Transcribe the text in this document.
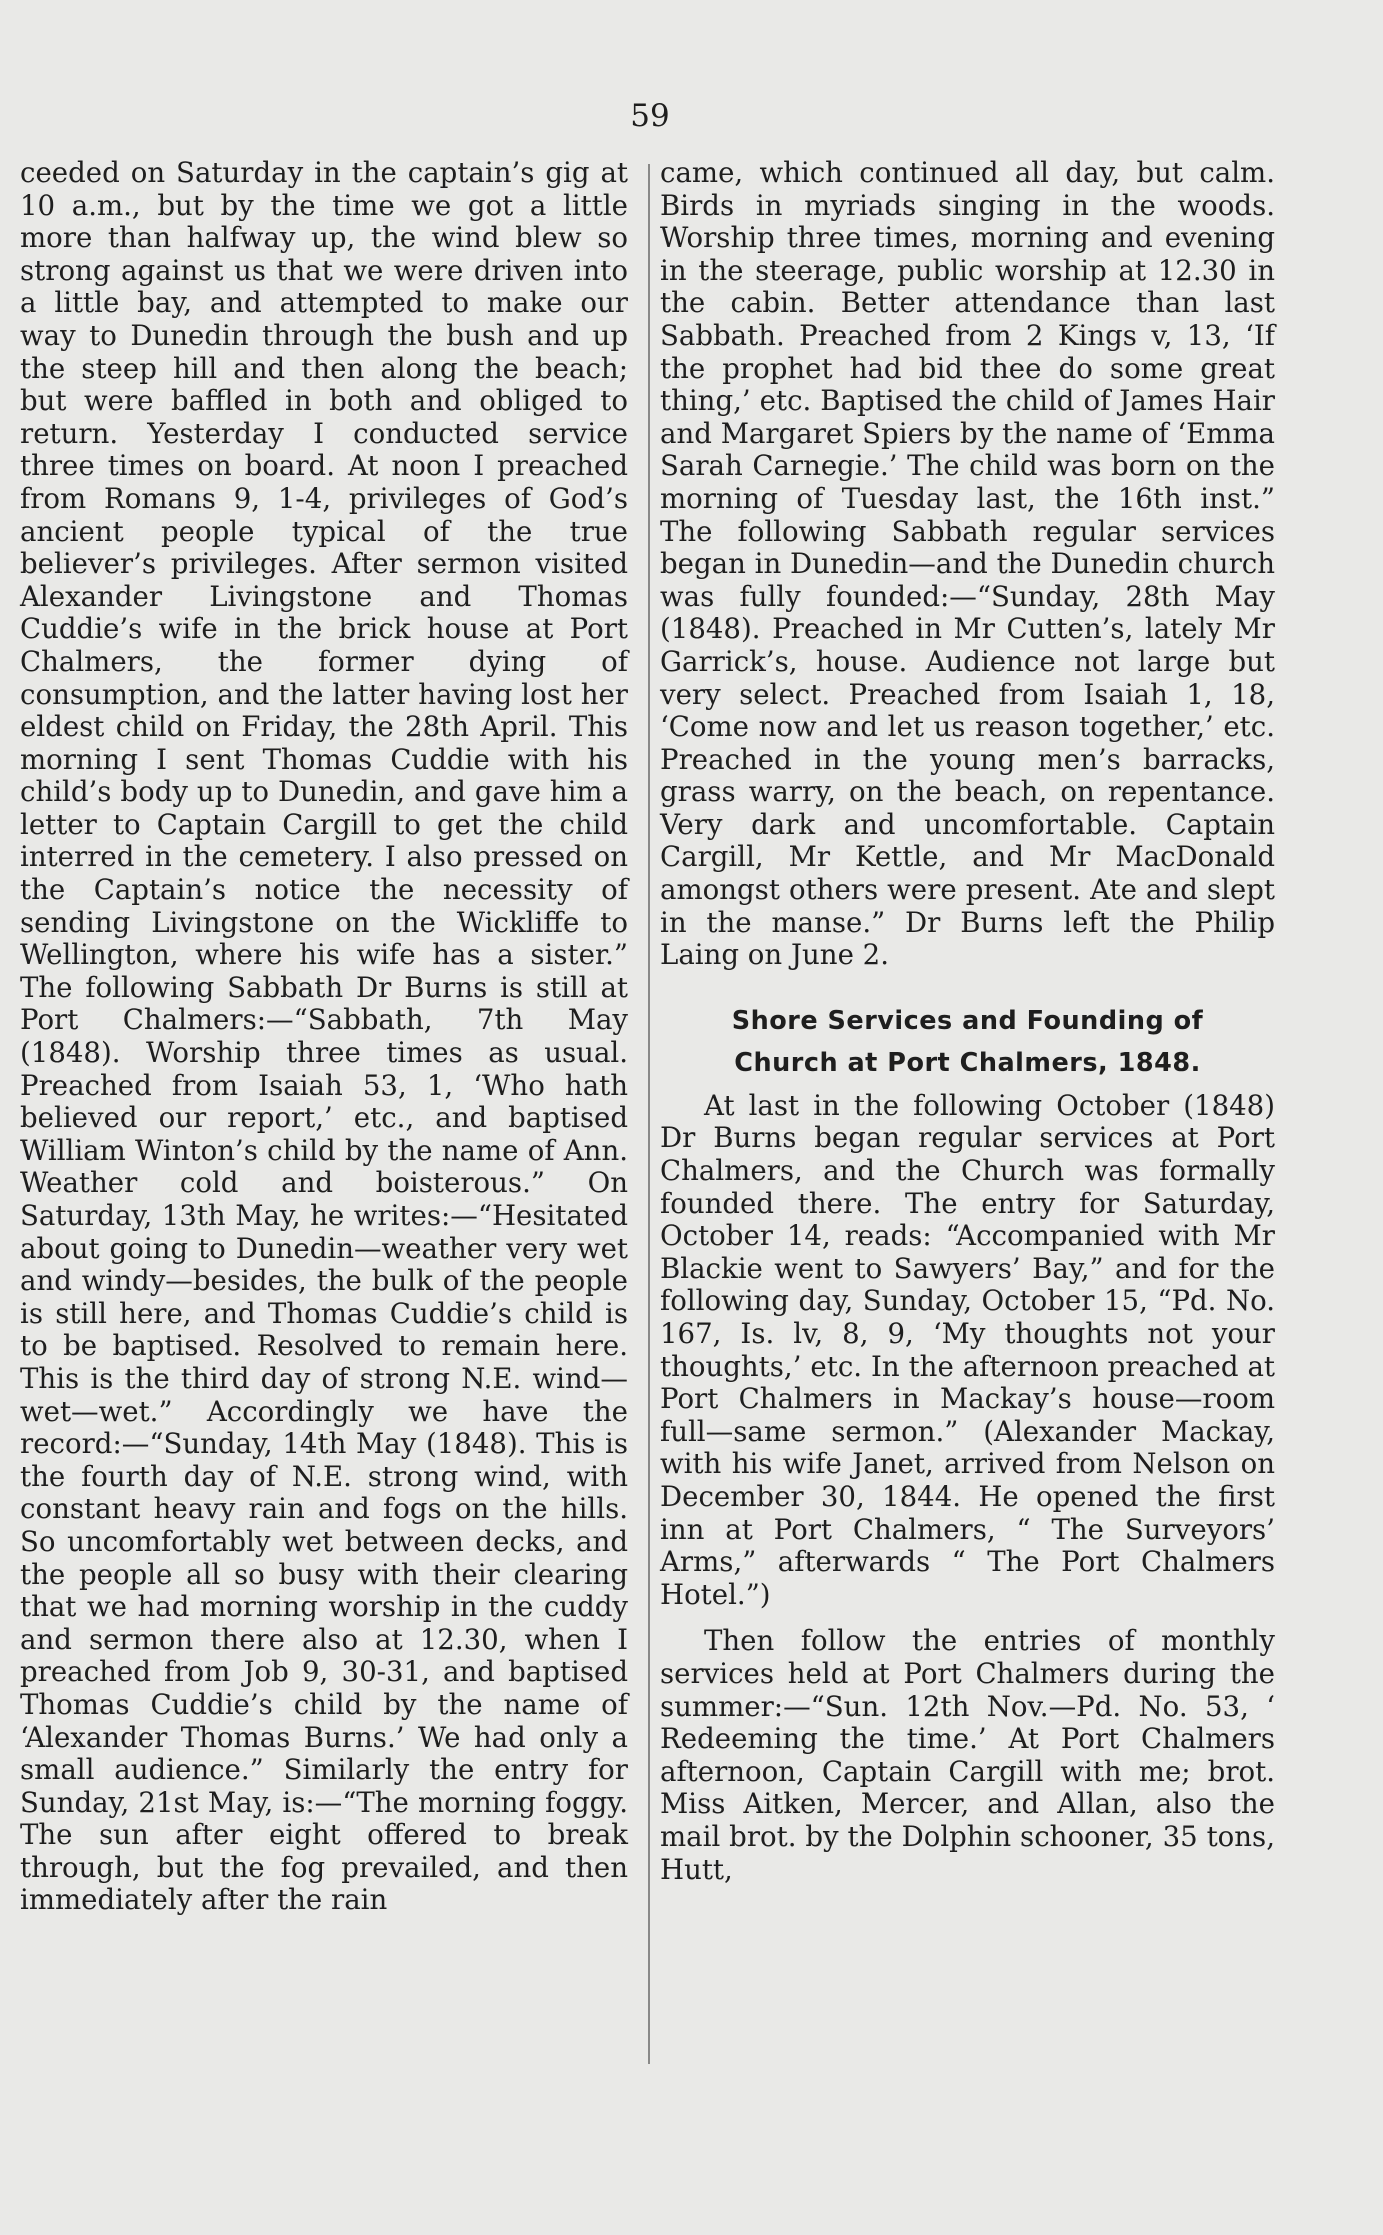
59

ceeded on Saturday in the captain’s gig at 10 a.m., but by the time we got a little more than halfway up, the wind blew so strong against us that we were driven into a little bay, and attempted to make our way to Dunedin through the bush and up the steep hill and then along the beach; but were baffled in both and obliged to return. Yesterday I conducted service three times on board. At noon I preached from Romans 9, 1-4, privileges of God’s ancient people typical of the true believer’s privileges. After sermon visited Alexander Livingstone and Thomas Cuddie’s wife in the brick house at Port Chalmers, the former dying of consumption, and the latter having lost her eldest child on Friday, the 28th April. This morning I sent Thomas Cuddie with his child’s body up to Dunedin, and gave him a letter to Captain Cargill to get the child interred in the cemetery. I also pressed on the Captain’s notice the necessity of sending Livingstone on the Wickliffe to Wellington, where his wife has a sister.” The following Sabbath Dr Burns is still at Port Chalmers:—“Sabbath, 7th May (1848). Worship three times as usual. Preached from Isaiah 53, 1, ‘Who hath believed our report,’ etc., and baptised William Winton’s child by the name of Ann. Weather cold and boisterous.” On Saturday, 13th May, he writes:—“Hesitated about going to Dunedin—weather very wet and windy—besides, the bulk of the people is still here, and Thomas Cuddie’s child is to be baptised. Resolved to remain here. This is the third day of strong N.E. wind—wet—wet.” Accordingly we have the record:—“Sunday, 14th May (1848). This is the fourth day of N.E. strong wind, with constant heavy rain and fogs on the hills. So uncomfortably wet between decks, and the people all so busy with their clearing that we had morning worship in the cuddy and sermon there also at 12.30, when I preached from Job 9, 30-31, and baptised Thomas Cuddie’s child by the name of ‘Alexander Thomas Burns.’ We had only a small audience.” Similarly the entry for Sunday, 21st May, is:—“The morning foggy. The sun after eight offered to break through, but the fog prevailed, and then immediately after the rain

came, which continued all day, but calm. Birds in myriads singing in the woods. Worship three times, morning and evening in the steerage, public worship at 12.30 in the cabin. Better attendance than last Sabbath. Preached from 2 Kings v, 13, ‘If the prophet had bid thee do some great thing,’ etc. Baptised the child of James Hair and Margaret Spiers by the name of ‘Emma Sarah Carnegie.’ The child was born on the morning of Tuesday last, the 16th inst.” The following Sabbath regular services began in Dunedin—and the Dunedin church was fully founded:—“Sunday, 28th May (1848). Preached in Mr Cutten’s, lately Mr Garrick’s, house. Audience not large but very select. Preached from Isaiah 1, 18, ‘Come now and let us reason together,’ etc. Preached in the young men’s barracks, grass warry, on the beach, on repentance. Very dark and uncomfortable. Captain Cargill, Mr Kettle, and Mr MacDonald amongst others were present. Ate and slept in the manse.” Dr Burns left the Philip Laing on June 2.

Shore Services and Founding of
Church at Port Chalmers, 1848.

At last in the following October (1848) Dr Burns began regular services at Port Chalmers, and the Church was formally founded there. The entry for Saturday, October 14, reads: “Accompanied with Mr Blackie went to Sawyers’ Bay,” and for the following day, Sunday, October 15, “Pd. No. 167, Is. lv, 8, 9, ‘My thoughts not your thoughts,’ etc. In the afternoon preached at Port Chalmers in Mackay’s house—room full—same sermon.” (Alexander Mackay, with his wife Janet, arrived from Nelson on December 30, 1844. He opened the first inn at Port Chalmers, “ The Surveyors’ Arms,” afterwards “ The Port Chalmers Hotel.”)

Then follow the entries of monthly services held at Port Chalmers during the summer:—“Sun. 12th Nov.—Pd. No. 53, ‘ Redeeming the time.’ At Port Chalmers afternoon, Captain Cargill with me; brot. Miss Aitken, Mercer, and Allan, also the mail brot. by the Dolphin schooner, 35 tons, Hutt,
